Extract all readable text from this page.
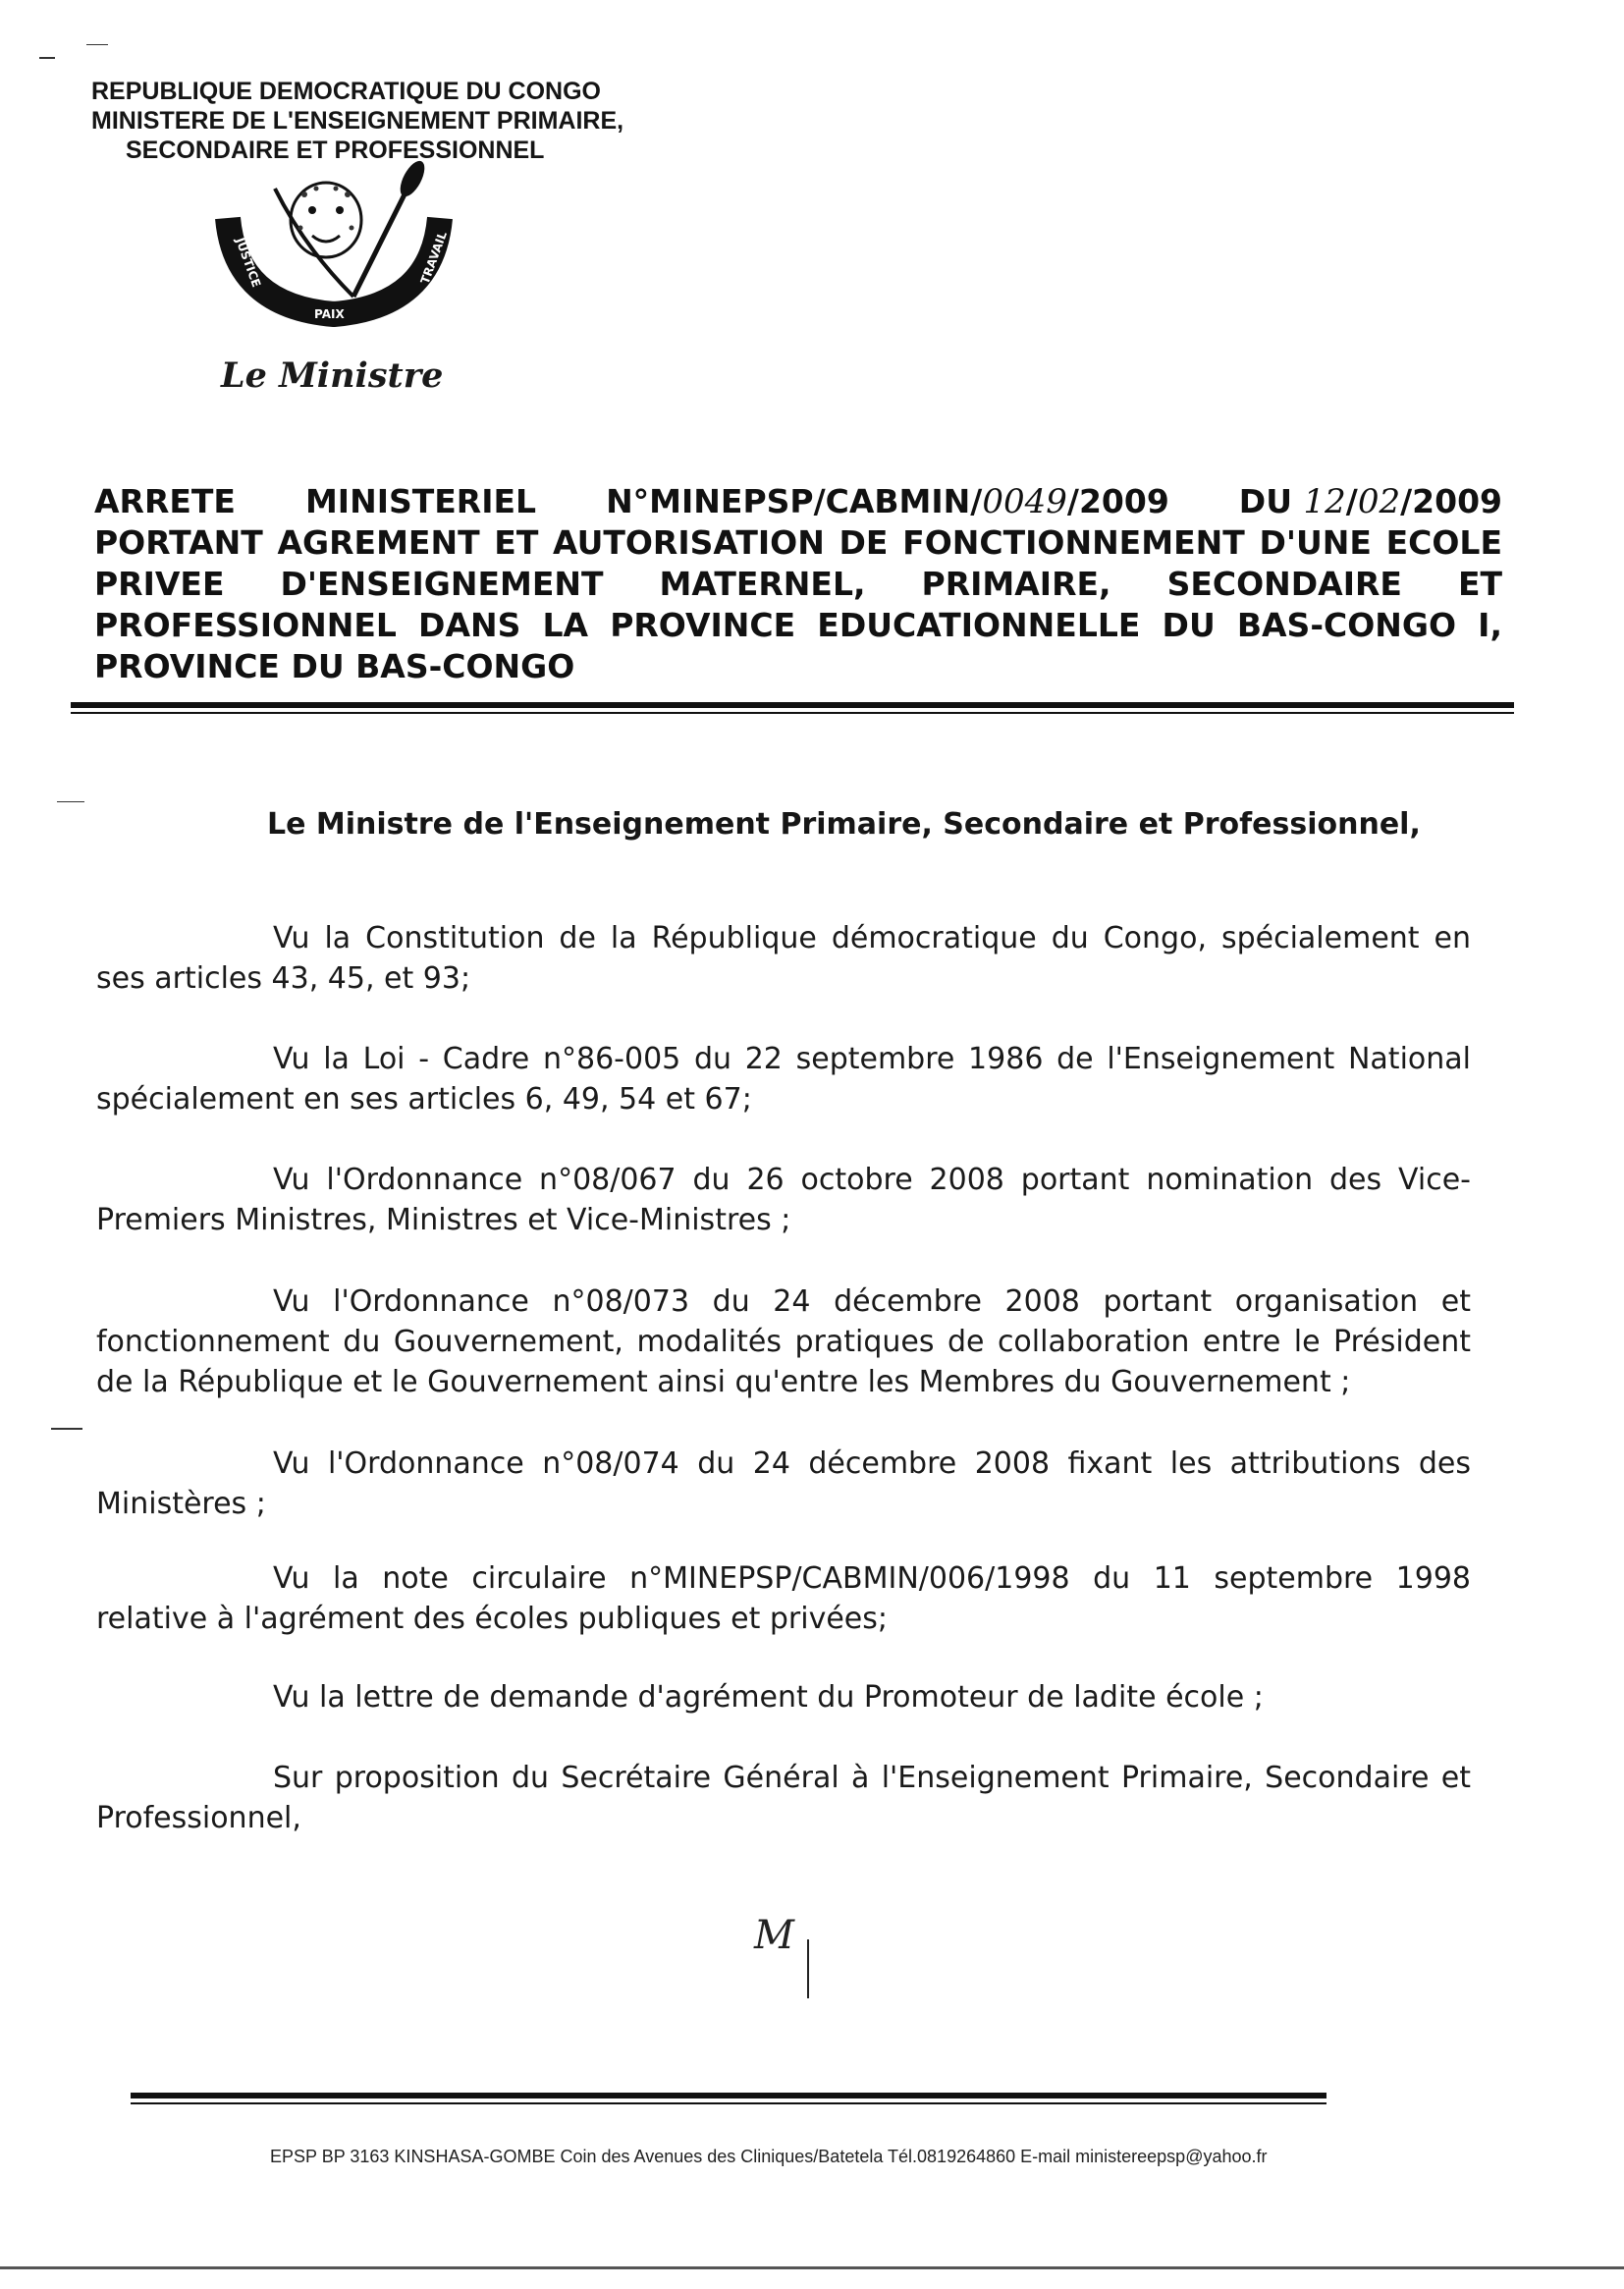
REPUBLIQUE DEMOCRATIQUE DU CONGO
MINISTERE DE L'ENSEIGNEMENT PRIMAIRE,
SECONDAIRE ET PROFESSIONNEL
JUSTICE
PAIX
TRAVAIL
Le Ministre
ARRETE MINISTERIEL N°MINEPSP/CABMIN/0049/2009 DU 12/02/2009
PORTANT AGREMENT ET AUTORISATION DE FONCTIONNEMENT D'UNE ECOLE PRIVEE D'ENSEIGNEMENT MATERNEL, PRIMAIRE, SECONDAIRE ET PROFESSIONNEL DANS LA PROVINCE EDUCATIONNELLE DU BAS-CONGO I, PROVINCE DU BAS-CONGO
Le Ministre de l'Enseignement Primaire, Secondaire et Professionnel,
Vu la Constitution de la République démocratique du Congo, spécialement en ses articles 43, 45, et 93;
Vu la Loi - Cadre n°86-005 du 22 septembre 1986 de l'Enseignement National spécialement en ses articles 6, 49, 54 et 67;
Vu l'Ordonnance n°08/067 du 26 octobre 2008 portant nomination des Vice-Premiers Ministres, Ministres et Vice-Ministres ;
Vu l'Ordonnance n°08/073 du 24 décembre 2008 portant organisation et fonctionnement du Gouvernement, modalités pratiques de collaboration entre le Président de la République et le Gouvernement ainsi qu'entre les Membres du Gouvernement ;
Vu l'Ordonnance n°08/074 du 24 décembre 2008 fixant les attributions des Ministères ;
Vu la note circulaire n°MINEPSP/CABMIN/006/1998 du 11 septembre 1998 relative à l'agrément des écoles publiques et privées;
Vu la lettre de demande d'agrément du Promoteur de ladite école ;
Sur proposition du Secrétaire Général à l'Enseignement Primaire, Secondaire et Professionnel,
M
EPSP BP 3163 KINSHASA-GOMBE Coin des Avenues des Cliniques/Batetela Tél.0819264860 E-mail ministereepsp@yahoo.fr
